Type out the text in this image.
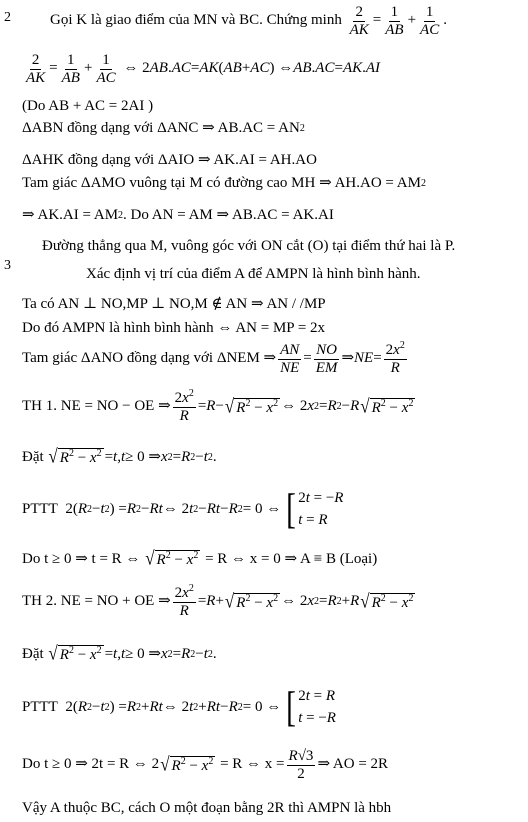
2
3
Gọi K là giao điểm của MN và BC. Chứng minh
$\frac{2}{AK} = \frac{1}{AB} + \frac{1}{AC}$ .
$\frac{2}{AK} = \frac{1}{AB} + \frac{1}{AC}$ ⇔ 2 AB . AC = AK ( AB + AC ) ⇔ AB . AC = AK . AI
(Do AB + AC = 2AI )
ΔABN đồng dạng với ΔANC ⇒ AB.AC = AN 2
ΔAHK đồng dạng với ΔAIO ⇒ AK.AI = AH.AO
Tam giác ΔAMO vuông tại M có đường cao MH ⇒ AH.AO = AM 2
⇒ AK.AI = AM 2 . Do AN = AM ⇒ AB.AC = AK.AI
Đường thẳng qua M, vuông góc với ON cắt (O) tại điểm thứ hai là P.
Xác định vị trí của điểm A để AMPN là hình bình hành.
Ta có AN ⊥ NO,MP ⊥ NO,M ∉ AN ⇒ AN / /MP
Do đó AMPN là hình bình hành ⇔ AN = MP = 2x
Tam giác ΔANO đồng dạng với ΔNEM ⇒ $\frac{AN}{NE} = \frac{NO}{EM}$ ⇒ NE = $\frac{2x^2}{R}$
TH 1. NE = NO − OE ⇒ $\frac{2x^2}{R} = R$ − √ $R^2 - x^2$ ⇔ 2 x 2 = R 2 − R √ $R^2 - x^2$
Đặt
√ $R^2 - x^2 = t$ , t ≥ 0 ⇒ x 2 = R 2 − t 2 .
PTTT 2( R 2 − t 2 ) = R 2 − Rt ⇔ 2 t 2 − Rt − R 2 = 0 ⇔ [ 2t = −R
t = R
Do t ≥ 0 ⇒ t = R ⇔
√ $R^2 - x^2$
= R ⇔ x = 0 ⇒ A ≡ B (Loại)
TH 2. NE = NO + OE ⇒ $\frac{2x^2}{R} = R$ + √ $R^2 - x^2$ ⇔ 2 x 2 = R 2 + R √ $R^2 - x^2$
Đặt
√ $R^2 - x^2 = t$ , t ≥ 0 ⇒ x 2 = R 2 − t 2 .
PTTT 2( R 2 − t 2 ) = R 2 + Rt ⇔ 2 t 2 + Rt − R 2 = 0 ⇔ [ 2t = R
t = −R
Do t ≥ 0 ⇒ 2t = R ⇔ 2 √ $R^2 - x^2$
= R ⇔ $x = \frac{R√3}{2}$ ⇒ AO = 2R
Vậy A thuộc BC, cách O một đoạn bằng 2R thì AMPN là hbh
